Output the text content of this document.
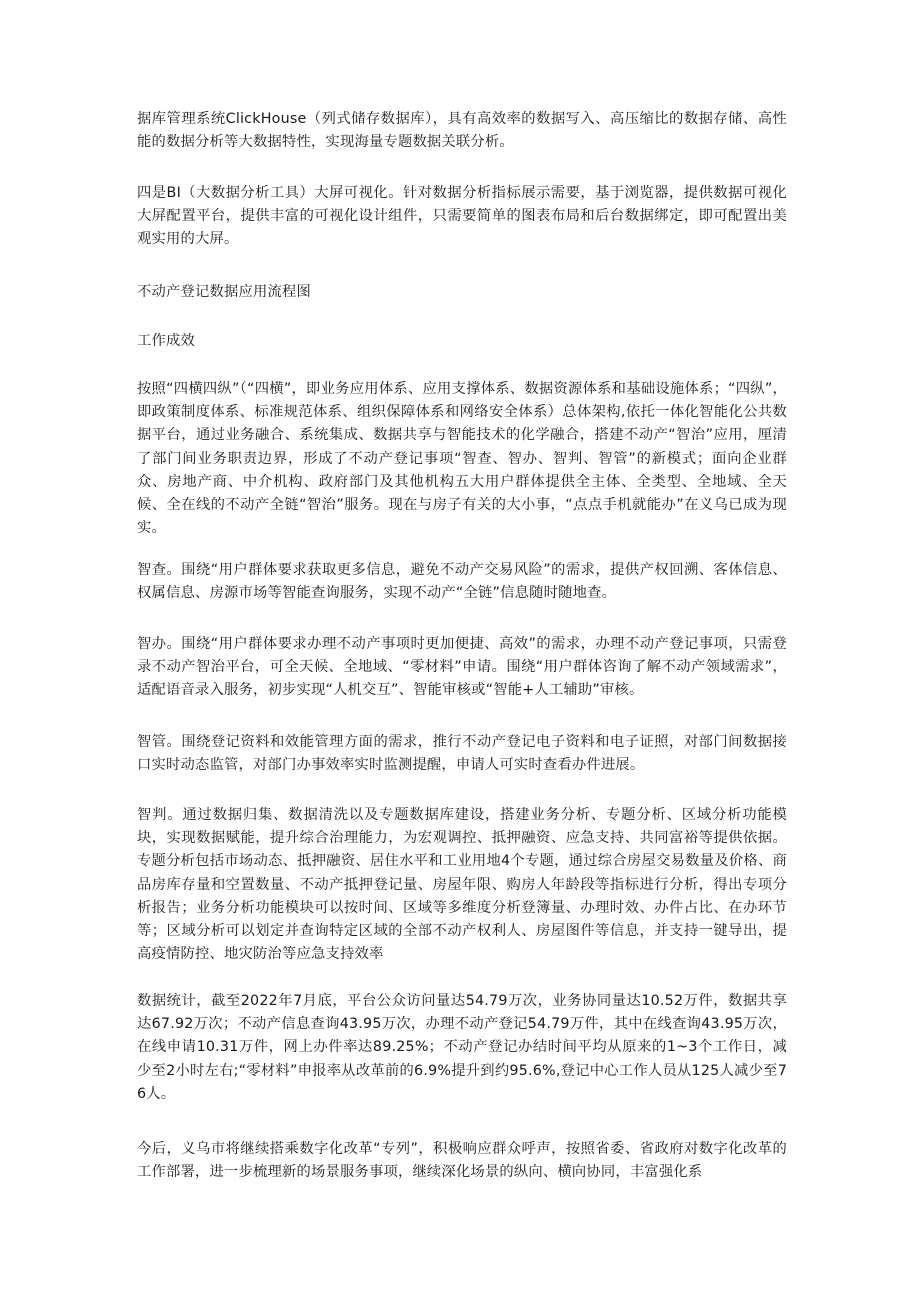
据库管理系统ClickHouse（列式储存数据库），具有高效率的数据写入、高压缩比的数据存储、高性能的数据分析等大数据特性，实现海量专题数据关联分析。

四是BI（大数据分析工具）大屏可视化。针对数据分析指标展示需要，基于浏览器，提供数据可视化大屏配置平台，提供丰富的可视化设计组件，只需要简单的图表布局和后台数据绑定，即可配置出美观实用的大屏。

不动产登记数据应用流程图

工作成效

按照“四横四纵”（“四横”，即业务应用体系、应用支撑体系、数据资源体系和基础设施体系；“四纵”，即政策制度体系、标准规范体系、组织保障体系和网络安全体系）总体架构,依托一体化智能化公共数据平台，通过业务融合、系统集成、数据共享与智能技术的化学融合，搭建不动产“智治”应用，厘清了部门间业务职责边界，形成了不动产登记事项“智查、智办、智判、智管”的新模式；面向企业群众、房地产商、中介机构、政府部门及其他机构五大用户群体提供全主体、全类型、全地域、全天候、全在线的不动产全链“智治”服务。现在与房子有关的大小事，“点点手机就能办”在义乌已成为现实。

智查。围绕“用户群体要求获取更多信息，避免不动产交易风险”的需求，提供产权回溯、客体信息、权属信息、房源市场等智能查询服务，实现不动产“全链”信息随时随地查。

智办。围绕“用户群体要求办理不动产事项时更加便捷、高效”的需求，办理不动产登记事项，只需登录不动产智治平台，可全天候、全地域、“零材料”申请。围绕“用户群体咨询了解不动产领域需求”，适配语音录入服务，初步实现“人机交互”、智能审核或“智能+人工辅助”审核。

智管。围绕登记资料和效能管理方面的需求，推行不动产登记电子资料和电子证照，对部门间数据接口实时动态监管，对部门办事效率实时监测提醒，申请人可实时查看办件进展。

智判。通过数据归集、数据清洗以及专题数据库建设，搭建业务分析、专题分析、区域分析功能模块，实现数据赋能，提升综合治理能力，为宏观调控、抵押融资、应急支持、共同富裕等提供依据。专题分析包括市场动态、抵押融资、居住水平和工业用地4个专题，通过综合房屋交易数量及价格、商品房库存量和空置数量、不动产抵押登记量、房屋年限、购房人年龄段等指标进行分析，得出专项分析报告；业务分析功能模块可以按时间、区域等多维度分析登簿量、办理时效、办件占比、在办环节等；区域分析可以划定并查询特定区域的全部不动产权利人、房屋图件等信息，并支持一键导出，提高疫情防控、地灾防治等应急支持效率

数据统计，截至2022年7月底，平台公众访问量达54.79万次，业务协同量达10.52万件，数据共享达67.92万次；不动产信息查询43.95万次，办理不动产登记54.79万件，其中在线查询43.95万次，在线申请10.31万件，网上办件率达89.25%；不动产登记办结时间平均从原来的1~3个工作日，减少至2小时左右;“零材料”申报率从改革前的6.9%提升到约95.6%,登记中心工作人员从125人减少至76人。

今后，义乌市将继续搭乘数字化改革“专列”，积极响应群众呼声，按照省委、省政府对数字化改革的工作部署，进一步梳理新的场景服务事项，继续深化场景的纵向、横向协同，丰富强化系
